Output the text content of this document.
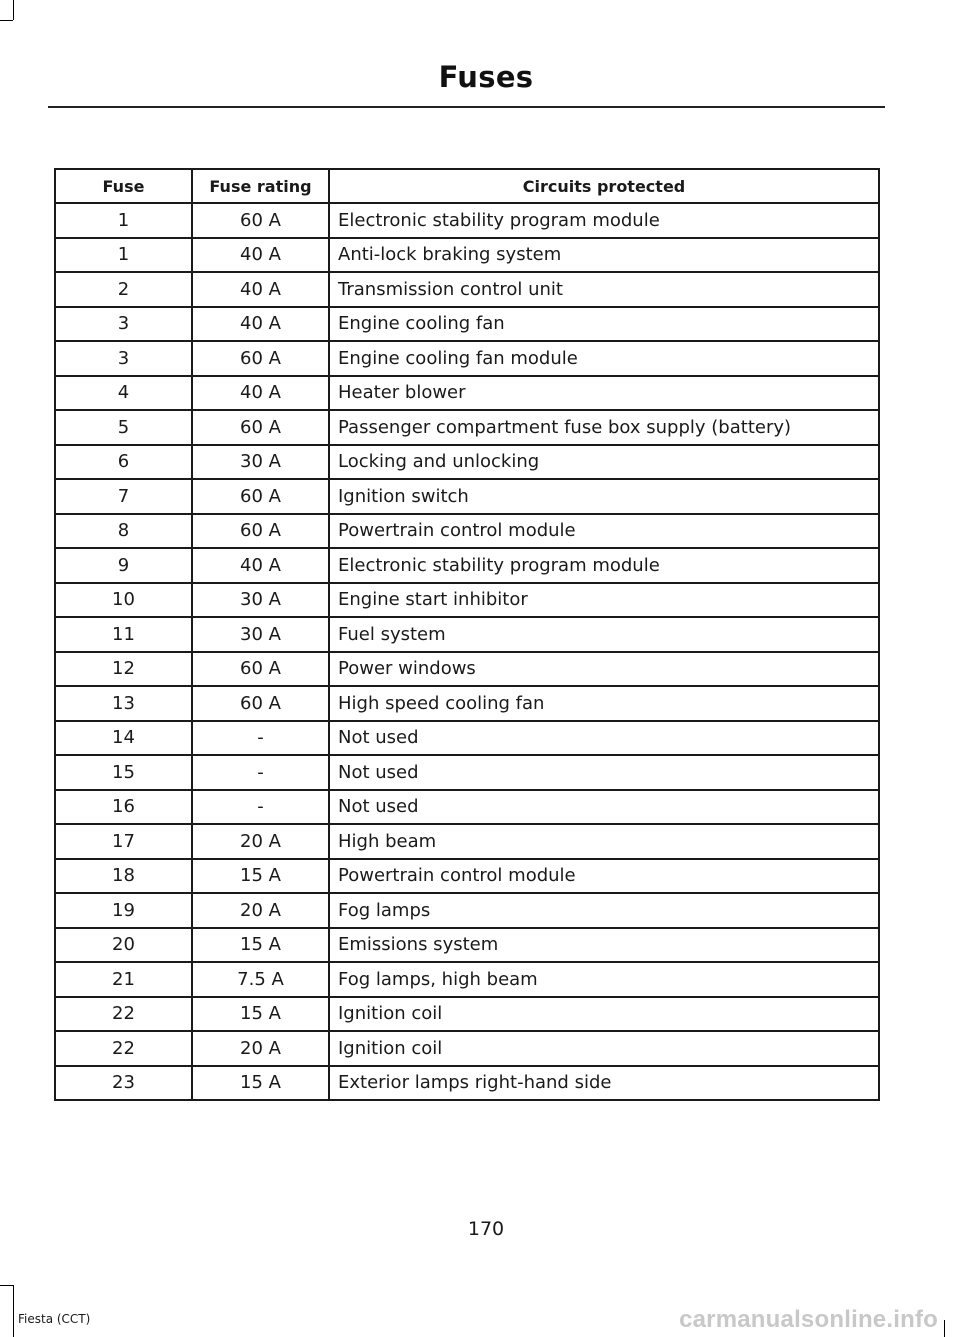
Fuses
Fuse	Fuse rating	Circuits protected
1	60 A	Electronic stability program module
1	40 A	Anti-lock braking system
2	40 A	Transmission control unit
3	40 A	Engine cooling fan
3	60 A	Engine cooling fan module
4	40 A	Heater blower
5	60 A	Passenger compartment fuse box supply (battery)
6	30 A	Locking and unlocking
7	60 A	Ignition switch
8	60 A	Powertrain control module
9	40 A	Electronic stability program module
10	30 A	Engine start inhibitor
11	30 A	Fuel system
12	60 A	Power windows
13	60 A	High speed cooling fan
14	-	Not used
15	-	Not used
16	-	Not used
17	20 A	High beam
18	15 A	Powertrain control module
19	20 A	Fog lamps
20	15 A	Emissions system
21	7.5 A	Fog lamps, high beam
22	15 A	Ignition coil
22	20 A	Ignition coil
23	15 A	Exterior lamps right-hand side
170
Fiesta (CCT)	carmanualsonline.info
